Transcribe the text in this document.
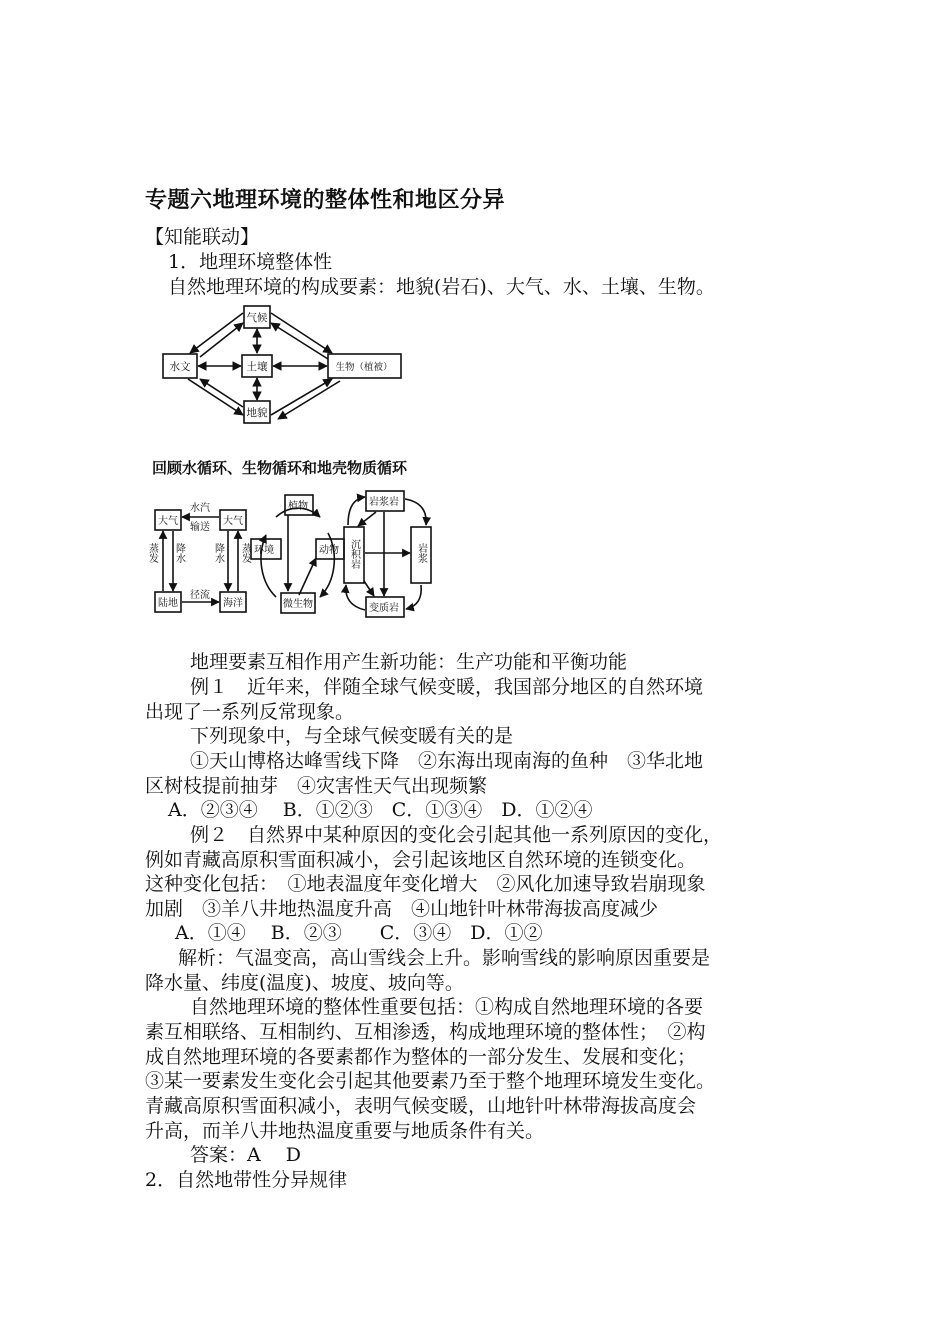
专题六地理环境的整体性和地区分异
【知能联动】
1．地理环境整体性
自然地理环境的构成要素：地貌(岩石)、大气、水、土壤、生物。
气候
水文	土壤	生物（植被）
地貌
回顾水循环、生物循环和地壳物质循环
大气	大气
水汽
输送
陆地	海洋
径流
蒸发 降水	降水 蒸发
植物
环境	动物
微生物
岩浆岩
变质岩
沉积岩	岩浆
地理要素互相作用产生新功能：生产功能和平衡功能
例１　近年来，伴随全球气候变暖，我国部分地区的自然环境
出现了一系列反常现象。
下列现象中，与全球气候变暖有关的是
①天山博格达峰雪线下降　②东海出现南海的鱼种　③华北地
区树枝提前抽芽　④灾害性天气出现频繁
A．②③④　 B．①②③　C．①③④　D．①②④
例２　自然界中某种原因的变化会引起其他一系列原因的变化，
例如青藏高原积雪面积减小，会引起该地区自然环境的连锁变化。
这种变化包括：　①地表温度年变化增大　②风化加速导致岩崩现象
加剧　③羊八井地热温度升高　④山地针叶林带海拔高度减少
A．①④　 B．②③　　C．③④　D．①②
解析：气温变高，高山雪线会上升。影响雪线的影响原因重要是
降水量、纬度(温度)、坡度、坡向等。
自然地理环境的整体性重要包括：①构成自然地理环境的各要
素互相联络、互相制约、互相渗透，构成地理环境的整体性；　②构
成自然地理环境的各要素都作为整体的一部分发生、发展和变化；
③某一要素发生变化会引起其他要素乃至于整个地理环境发生变化。
青藏高原积雪面积减小，表明气候变暖，山地针叶林带海拔高度会
升高，而羊八井地热温度重要与地质条件有关。
答案：A　 D
2．自然地带性分异规律
